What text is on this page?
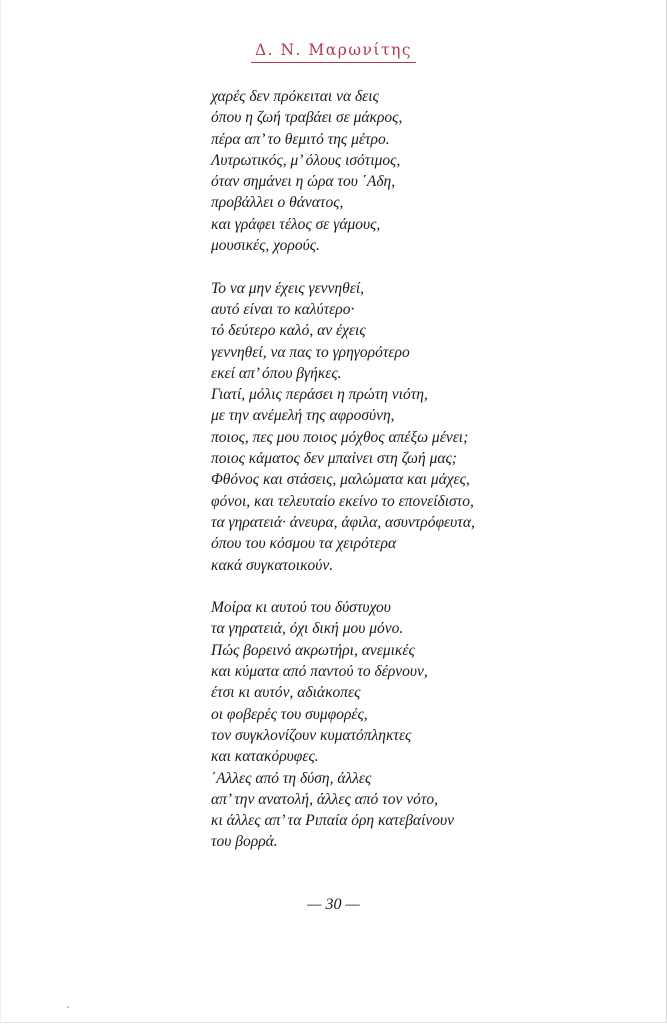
Δ. Ν. Μαρωνίτης
χαρές δεν πρόκειται να δεις
όπου η ζωή τραβάει σε μάκρος,
πέρα απ’ το θεμιτό της μέτρο.
Λυτρωτικός, μ’ όλους ισότιμος,
όταν σημάνει η ώρα του ΄Αδη,
προβάλλει ο θάνατος,
και γράφει τέλος σε γάμους,
μουσικές, χορούς.
Το να μην έχεις γεννηθεί,
αυτό είναι το καλύτερο·
τό δεύτερο καλό, αν έχεις
γεννηθεί, να πας το γρηγορότερο
εκεί απ’ όπου βγήκες.
Γιατί, μόλις περάσει η πρώτη νιότη,
με την ανέμελή της αφροσύνη,
ποιος, πες μου ποιος μόχθος απέξω μένει;
ποιος κάματος δεν μπαίνει στη ζωή μας;
Φθόνος και στάσεις, μαλώματα και μάχες,
φόνοι, και τελευταίο εκείνο το επονείδιστο,
τα γηρατειά· άνευρα, άφιλα, ασυντρόφευτα,
όπου του κόσμου τα χειρότερα
κακά συγκατοικούν.
Μοίρα κι αυτού του δύστυχου
τα γηρατειά, όχι δική μου μόνο.
Πώς βορεινό ακρωτήρι, ανεμικές
και κύματα από παντού το δέρνουν,
έτσι κι αυτόν, αδιάκοπες
οι φοβερές του συμφορές,
τον συγκλονίζουν κυματόπληκτες
και κατακόρυφες.
΄Αλλες από τη δύση, άλλες
απ’ την ανατολή, άλλες από τον νότο,
κι άλλες απ’ τα Ριπαία όρη κατεβαίνουν
του βορρά.
— 30 —
